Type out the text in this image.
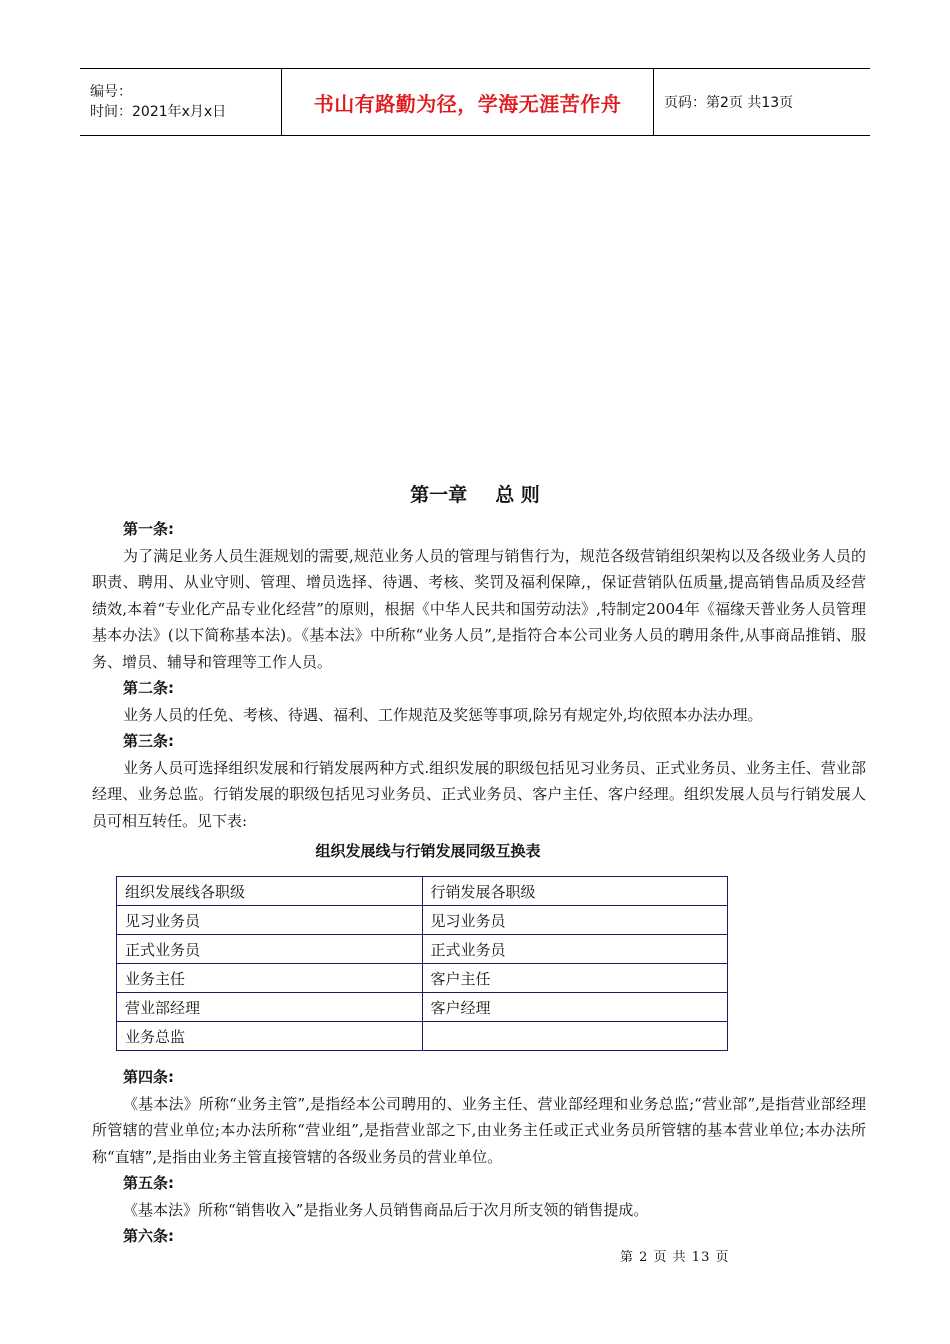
编号：
时间：2021年x月x日	书山有路勤为径，学海无涯苦作舟	页码：第2页 共13页
第一章 总 则
第一条:
为了满足业务人员生涯规划的需要,规范业务人员的管理与销售行为，规范各级营销组织架构以及各级业务人员的职责、聘用、从业守则、管理、增员选择、待遇、考核、奖罚及福利保障,，保证营销队伍质量,提高销售品质及经营绩效,本着“专业化产品专业化经营”的原则，根据《中华人民共和国劳动法》,特制定2004年《福缘天普业务人员管理基本办法》(以下简称基本法)。《基本法》中所称“业务人员”,是指符合本公司业务人员的聘用条件,从事商品推销、服务、增员、辅导和管理等工作人员。
第二条:
业务人员的任免、考核、待遇、福利、工作规范及奖惩等事项,除另有规定外,均依照本办法办理。
第三条:
业务人员可选择组织发展和行销发展两种方式.组织发展的职级包括见习业务员、正式业务员、业务主任、营业部经理、业务总监。行销发展的职级包括见习业务员、正式业务员、客户主任、客户经理。组织发展人员与行销发展人员可相互转任。见下表:
组织发展线与行销发展同级互换表
组织发展线各职级	行销发展各职级
见习业务员	见习业务员
正式业务员	正式业务员
业务主任	客户主任
营业部经理	客户经理
业务总监	
第四条:
《基本法》所称“业务主管”,是指经本公司聘用的、业务主任、营业部经理和业务总监;“营业部”,是指营业部经理所管辖的营业单位;本办法所称“营业组”,是指营业部之下,由业务主任或正式业务员所管辖的基本营业单位;本办法所称“直辖”,是指由业务主管直接管辖的各级业务员的营业单位。
第五条:
《基本法》所称“销售收入”是指业务人员销售商品后于次月所支领的销售提成。
第六条:
第 2 页 共 13 页
